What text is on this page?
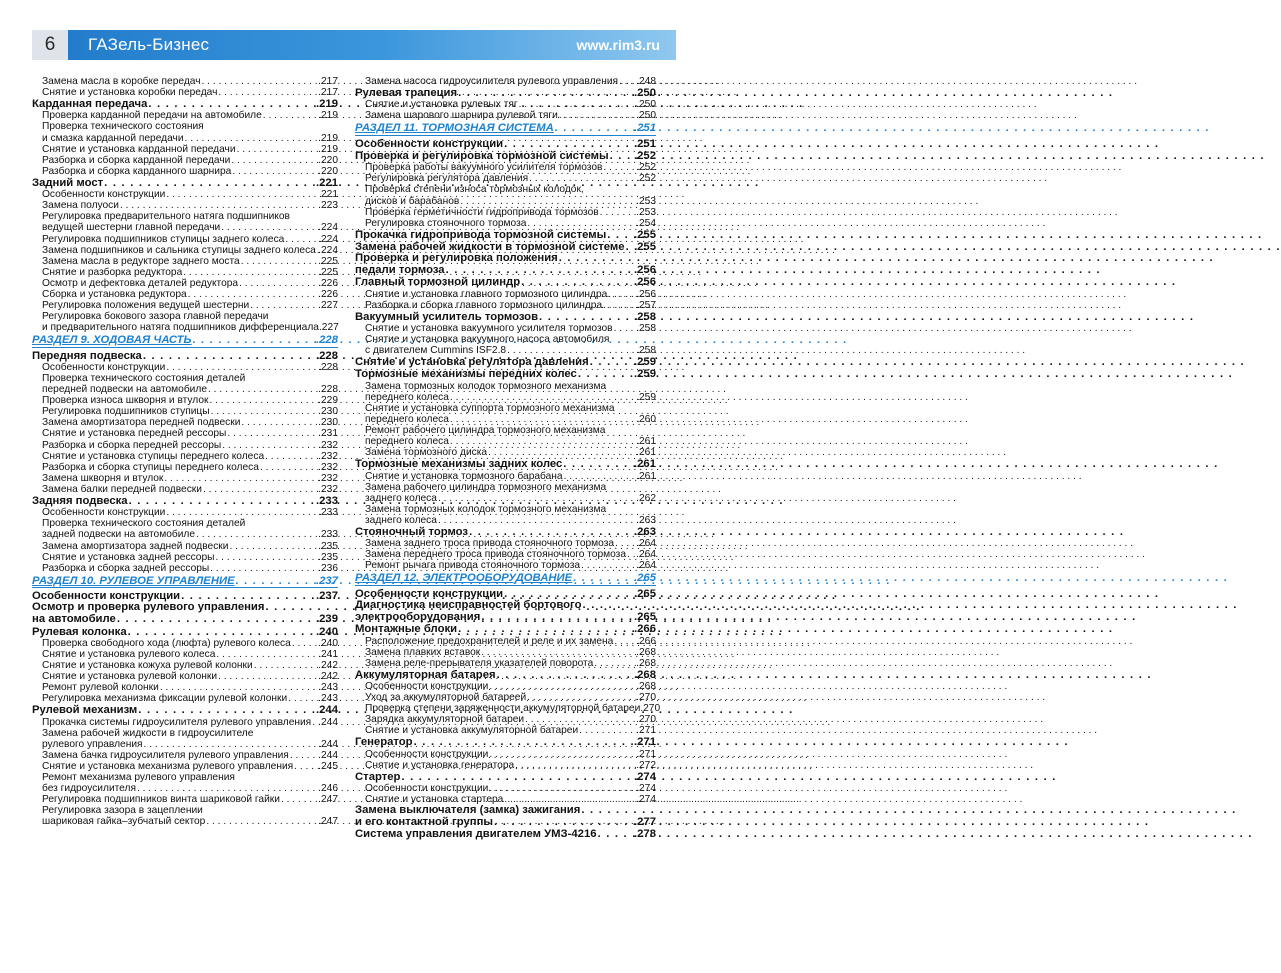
6	ГАЗель-Бизнес	www.rim3.ru
Замена масла в коробке передач . . .	.217
Снятие и установка коробки передач . . .	.217
Карданная передача . . .	.219
Проверка карданной передачи на автомобиле . . .	.219
Проверка технического состояния
и смазка карданной передачи . . .	.219
Снятие и установка карданной передачи . . .	.219
Разборка и сборка карданной передачи . . .	.220
Разборка и сборка карданного шарнира . . .	.220
Задний мост . . .	.221
Особенности конструкции . . .	221
Замена полуоси . . .	.223
Регулировка предварительного натяга подшипников
ведущей шестерни главной передачи . . .	.224
Регулировка подшипников ступицы заднего колеса . . .	.224
Замена подшипников и сальника ступицы заднего колеса . . . .224
Замена масла в редукторе заднего моста . . .	.225
Снятие и разборка редуктора . . .	.225
Осмотр и дефектовка деталей редуктора . . .	.226
Сборка и установка редуктора . . .	.226
Регулировка положения ведущей шестерни . . .	.227
Регулировка бокового зазора главной передачи
и предварительного натяга подшипников дифференциала .227
РАЗДЕЛ 9. ХОДОВАЯ ЧАСТЬ . . .	.228
Передняя подвеска . . .	.228
Особенности конструкции . . .	.228
Проверка технического состояния деталей
передней подвески на автомобиле . . .	.228
Проверка износа шкворня и втулок . . .	.229
Регулировка подшипников ступицы . . .	.230
Замена амортизатора передней подвески . . .	.230
Снятие и установка передней рессоры . . .	.231
Разборка и сборка передней рессоры . . .	.232
Снятие и установка ступицы переднего колеса . . .	.232
Разборка и сборка ступицы переднего колеса . . .	.232
Замена шкворня и втулок . . .	.232
Замена балки передней подвески . . .	.232
Задняя подвеска . . .	.233
Особенности конструкции . . .	.233
Проверка технического состояния деталей
задней подвески на автомобиле . . .	.233
Замена амортизатора задней подвески . . .	.235
Снятие и установка задней рессоры . . .	.235
Разборка и сборка задней рессоры . . .	.236
РАЗДЕЛ 10. РУЛЕВОЕ УПРАВЛЕНИЕ . . .	.237
Особенности конструкции . . .	.237
Осмотр и проверка рулевого управления
. . .
на автомобиле . . .	.239
Рулевая колонка . . .	.240
Проверка свободного хода (люфта) рулевого колеса . . .	.240
Снятие и установка рулевого колеса . . .	.241
Снятие и установка кожуха рулевой колонки . . .	.242
Снятие и установка рулевой колонки . . .	.242
Ремонт рулевой колонки . . .	.243
Регулировка механизма фиксации рулевой колонки . . .	.243
Рулевой механизм . . .	.244
Прокачка системы гидроусилителя рулевого управления . . . .244
Замена рабочей жидкости в гидроусилителе
рулевого управления . . .	.244
Замена бачка гидроусилителя рулевого управления . . .	.244
Снятие и установка механизма рулевого управления . . . .245
Ремонт механизма рулевого управления
без гидроусилителя . . .	.246
Регулировка подшипников винта шариковой гайки . . .	.247
Регулировка зазора в зацеплении
шариковая гайка–зубчатый сектор . . .	.247
Замена насоса гидроусилителя рулевого управления . . . .248
Рулевая трапеция . . .	.250
Снятие и установка рулевых тяг . . .	.250
Замена шарового шарнира рулевой тяги . . .	.250
РАЗДЕЛ 11. ТОРМОЗНАЯ СИСТЕМА . . .	.251
Особенности конструкции . . .	.251
Проверка и регулировка тормозной системы . . . .252
Проверка работы вакуумного усилителя тормозов . . .	.252
Регулировка регулятора давления . . .	.252
Проверка степени износа тормозных колодок,
дисков и барабанов . . .	.253
Проверка герметичности гидропривода тормозов . . .	.253
Регулировка стояночного тормоза . . .	.254
Прокачка гидропривода тормозной системы . . . .255
Замена рабочей жидкости в тормозной системе . . . .255
Проверка и регулировка положения
. . .
педали тормоза . . .	.256
Главный тормозной цилиндр . . .	.256
Снятие и установка главного тормозного цилиндра . . .	.256
Разборка и сборка главного тормозного цилиндра . . .	.257
Вакуумный усилитель тормозов . . .	.258
Снятие и установка вакуумного усилителя тормозов . . . .258
Снятие и установка вакуумного насоса автомобиля
с двигателем Cummins ISF2.8 . . .	.258
Снятие и установка регулятора давления . . .	.259
Тормозные механизмы передних колес . . .	.259
Замена тормозных колодок тормозного механизма
переднего колеса . . .	.259
Снятие и установка суппорта тормозного механизма
переднего колеса . . .	.260
Ремонт рабочего цилиндра тормозного механизма
переднего колеса . . .	.261
Замена тормозного диска . . .	.261
Тормозные механизмы задних колес . . .	.261
Снятие и установка тормозного барабана . . .	.261
Замена рабочего цилиндра тормозного механизма
заднего колеса . . .	.262
Замена тормозных колодок тормозного механизма
заднего колеса . . .	.263
Стояночный тормоз . . .	.263
Замена заднего троса привода стояночного тормоза . . . .264
Замена переднего троса привода стояночного тормоза . . . .264
Ремонт рычага привода стояночного тормоза . . .	.264
РАЗДЕЛ 12. ЭЛЕКТРООБОРУДОВАНИЕ . . .	.265
Особенности конструкции . . .	.265
Диагностика неисправностей бортового
. . .
электрооборудования . . .	.265
Монтажные блоки . . .	.266
Расположение предохранителей и реле и их замена . . . .266
Замена плавких вставок . . .	.268
Замена реле-прерывателя указателей поворота . . .	.268
Аккумуляторная батарея . . .	.268
Особенности конструкции . . .	.268
Уход за аккумуляторной батареей . . .	.270
Проверка степени заряженности аккумуляторной батареи .270
Зарядка аккумуляторной батареи . . .	.270
Снятие и установка аккумуляторной батареи . . .	.271
Генератор . . .	.271
Особенности конструкции . . .	.271
Снятие и установка генератора . . .	.272
Стартер . . .	.274
Особенности конструкции . . .	.274
Снятие и установка стартера . . .	.274
Замена выключателя (замка) зажигания
. . .
и его контактной группы . . .	.277
Система управления двигателем УМЗ-4216 . . .	.278
